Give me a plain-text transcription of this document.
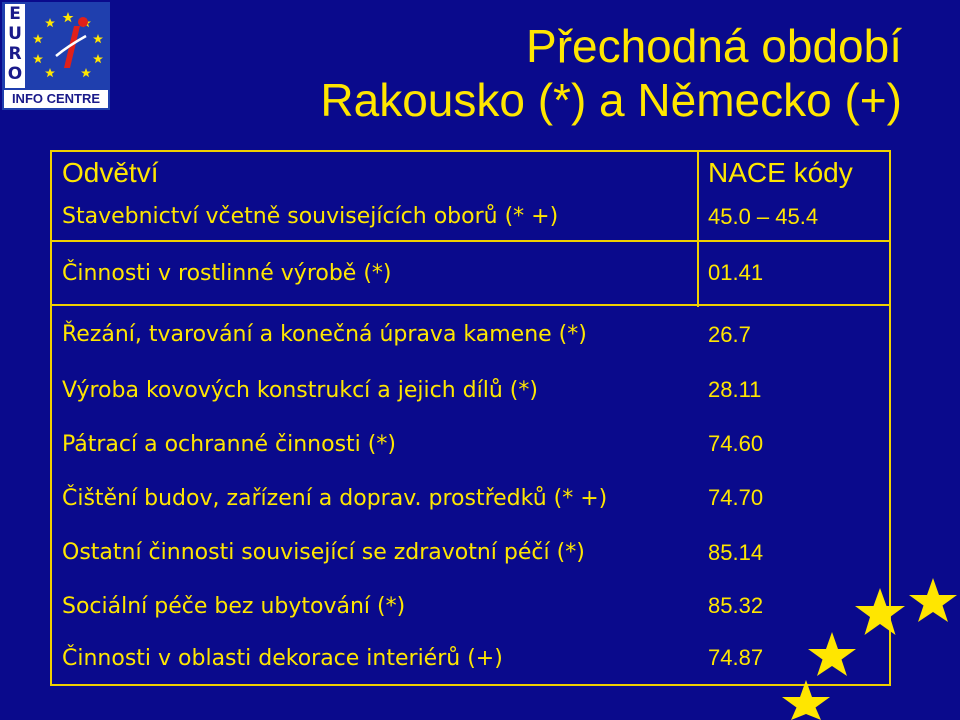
E
U
R
O
INFO CENTRE
Přechodná období
Rakousko (*) a Německo (+)
Odvětví	NACE kódy
Stavebnictví včetně souvisejících oborů (* +)	45.0 – 45.4
Činnosti v rostlinné výrobě (*)	01.41
Řezání, tvarování a konečná úprava kamene (*)	26.7
Výroba kovových konstrukcí a jejich dílů (*)	28.11
Pátrací a ochranné činnosti (*)	74.60
Čištění budov, zařízení a doprav. prostředků (* +)	74.70
Ostatní činnosti související se zdravotní péčí (*)	85.14
Sociální péče bez ubytování (*)	85.32
Činnosti v oblasti dekorace interiérů (+)	74.87
